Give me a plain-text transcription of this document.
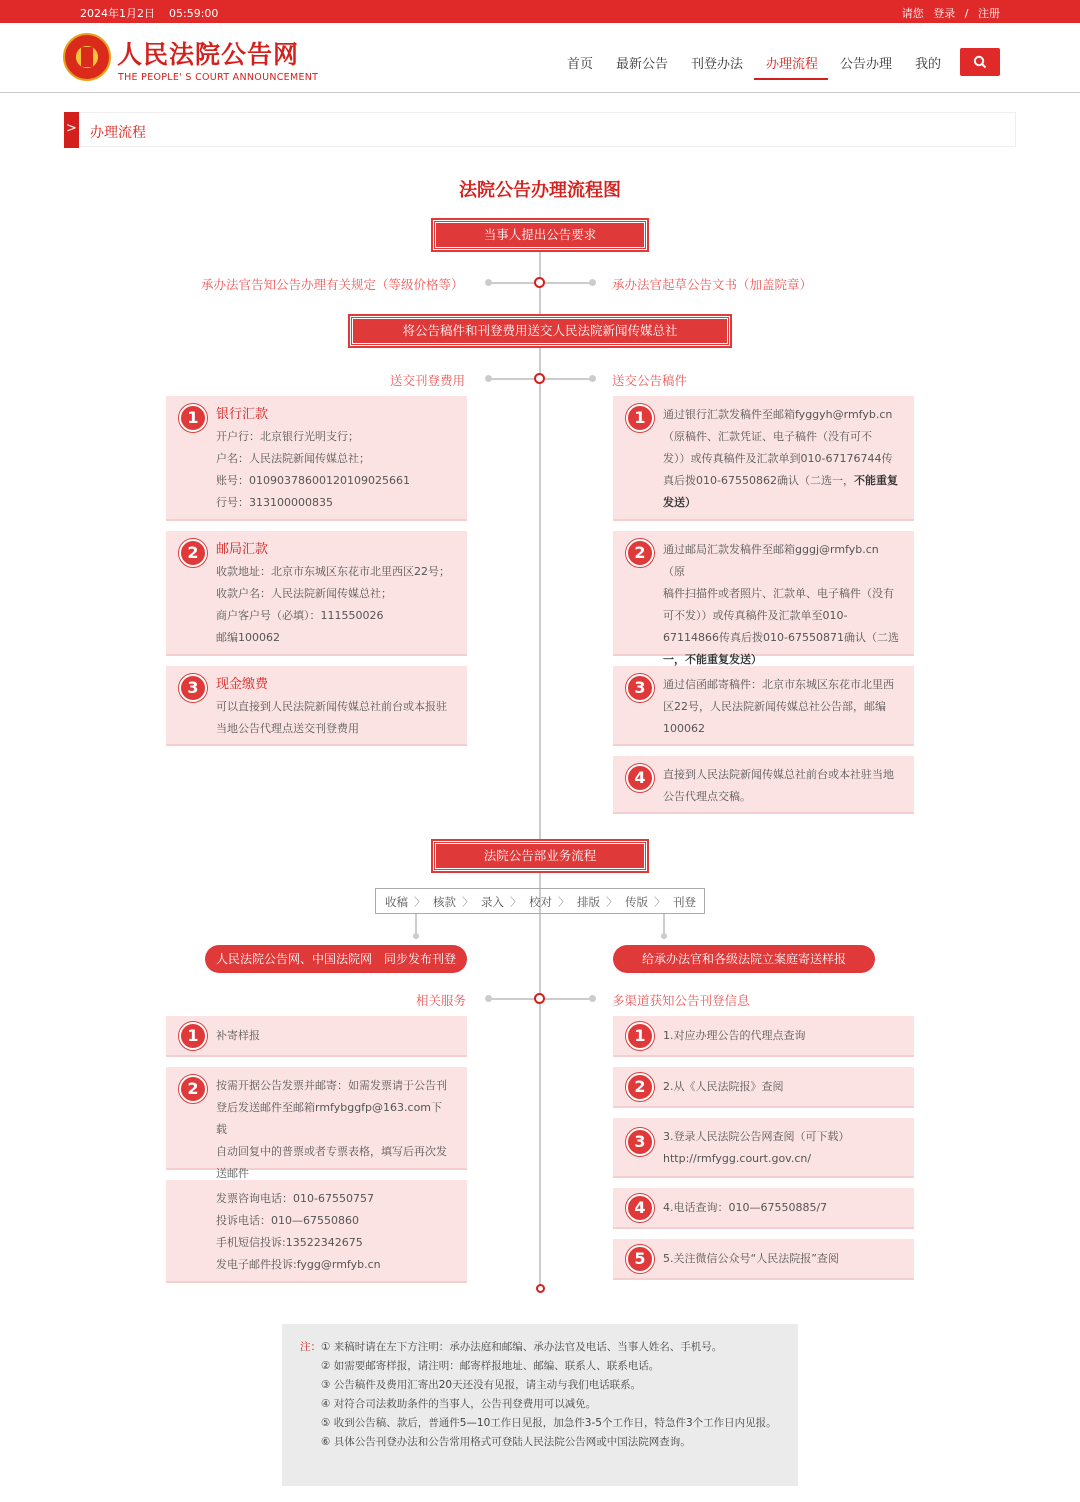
2024年1月2日 05:59:00	请您 登录 / 注册
人民法院公告网
THE PEOPLE' S COURT ANNOUNCEMENT
首页 最新公告 刊登办法 办理流程 公告办理 我的
> 办理流程
法院公告办理流程图
当事人提出公告要求
承办法官告知公告办理有关规定（等级价格等）	承办法官起草公告文书（加盖院章）
将公告稿件和刊登费用送交人民法院新闻传媒总社
送交刊登费用	送交公告稿件
1	银行汇款
开户行：北京银行光明支行；
户名：人民法院新闻传媒总社；
账号：01090378600120109025661
行号：313100000835
2	邮局汇款
收款地址：北京市东城区东花市北里西区22号；
收款户名：人民法院新闻传媒总社；
商户客户号（必填）：111550026
邮编100062
3	现金缴费
可以直接到人民法院新闻传媒总社前台或本报驻
当地公告代理点送交刊登费用
1	通过银行汇款发稿件至邮箱fyggyh@rmfyb.cn
（原稿件、汇款凭证、电子稿件（没有可不
发））或传真稿件及汇款单到010-67176744传
真后拨010-67550862确认（二选一，不能重复
发送）
2	通过邮局汇款发稿件至邮箱gggj@rmfyb.cn（原
稿件扫描件或者照片、汇款单、电子稿件（没有
可不发））或传真稿件及汇款单至010-
67114866传真后拨010-67550871确认（二选
一，不能重复发送）
3	通过信函邮寄稿件：北京市东城区东花市北里西
区22号，人民法院新闻传媒总社公告部，邮编
100062
4	直接到人民法院新闻传媒总社前台或本社驻当地
公告代理点交稿。
法院公告部业务流程
收稿 〉 核款 〉 录入 〉 校对 〉 排版 〉 传版 〉 刊登
人民法院公告网、中国法院网　同步发布刊登	给承办法官和各级法院立案庭寄送样报
相关服务	多渠道获知公告刊登信息
1	补寄样报
2	按需开据公告发票并邮寄：如需发票请于公告刊
登后发送邮件至邮箱rmfybggfp@163.com下载
自动回复中的普票或者专票表格，填写后再次发
送邮件
发票咨询电话：010-67550757
投诉电话：010—67550860
手机短信投诉:13522342675
发电子邮件投诉:fygg@rmfyb.cn
1	1.对应办理公告的代理点查询
2	2.从《人民法院报》查阅
3	3.登录人民法院公告网查阅（可下载）
http://rmfygg.court.gov.cn/
4	4.电话查询：010—67550885/7
5	5.关注微信公众号“人民法院报”查阅

注：① 来稿时请在左下方注明：承办法庭和邮编、承办法官及电话、当事人姓名、手机号。

② 如需要邮寄样报，请注明：邮寄样报地址、邮编、联系人、联系电话。

③ 公告稿件及费用汇寄出20天还没有见报，请主动与我们电话联系。

④ 对符合司法救助条件的当事人，公告刊登费用可以减免。

⑤ 收到公告稿、款后，普通件5—10工作日见报，加急件3-5个工作日，特急件3个工作日内见报。

⑥ 具体公告刊登办法和公告常用格式可登陆人民法院公告网或中国法院网查询。
